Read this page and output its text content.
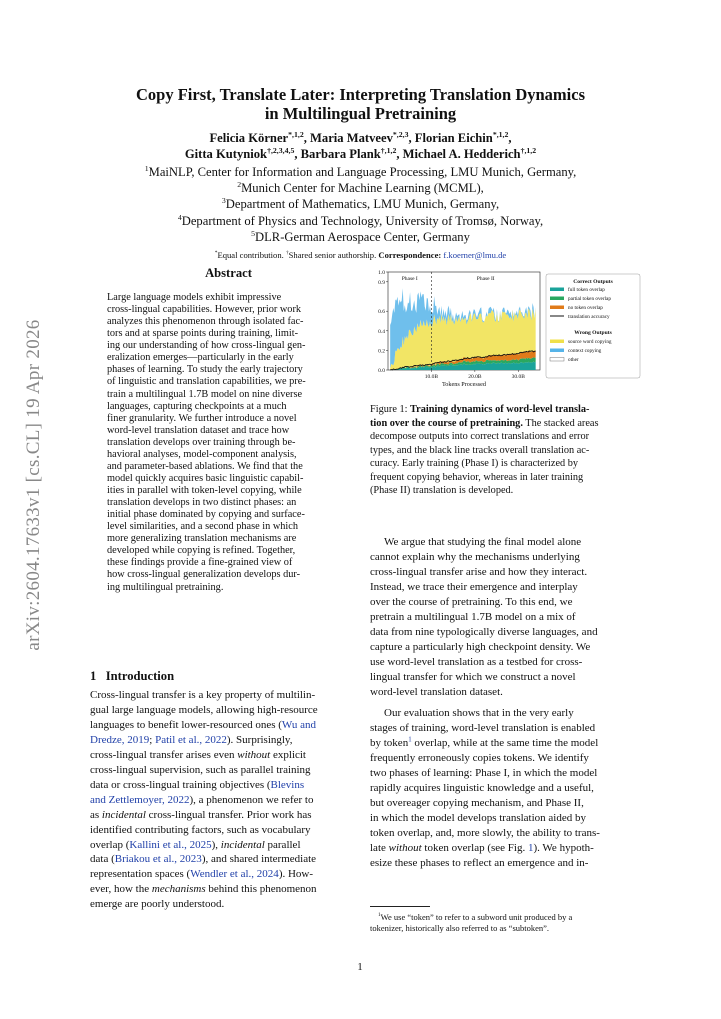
arXiv:2604.17633v1 [cs.CL] 19 Apr 2026
Copy First, Translate Later: Interpreting Translation Dynamics
in Multilingual Pretraining
Felicia Körner$^{*,1,2}$, Maria Matveev$^{*,2,3}$, Florian Eichin$^{*,1,2}$,
Gitta Kutyniok$^{\dagger,2,3,4,5}$, Barbara Plank$^{\dagger,1,2}$, Michael A. Hedderich$^{\dagger,1,2}$
$^1$MaiNLP, Center for Information and Language Processing, LMU Munich, Germany,
$^2$Munich Center for Machine Learning (MCML),
$^3$Department of Mathematics, LMU Munich, Germany,
$^4$Department of Physics and Technology, University of Tromsø, Norway,
$^5$DLR-German Aerospace Center, Germany
*Equal contribution. †Shared senior authorship. Correspondence: f.koerner@lmu.de
Abstract
Large language models exhibit impressive
cross-lingual capabilities. However, prior work
analyzes this phenomenon through isolated fac-
tors and at sparse points during training, limit-
ing our understanding of how cross-lingual gen-
eralization emerges—particularly in the early
phases of learning. To study the early trajectory
of linguistic and translation capabilities, we pre-
train a multilingual 1.7B model on nine diverse
languages, capturing checkpoints at a much
finer granularity. We further introduce a novel
word-level translation dataset and trace how
translation develops over training through be-
havioral analyses, model-component analysis,
and parameter-based ablations. We find that the
model quickly acquires basic linguistic capabil-
ities in parallel with token-level copying, while
translation develops in two distinct phases: an
initial phase dominated by copying and surface-
level similarities, and a second phase in which
more generalizing translation mechanisms are
developed while copying is refined. Together,
these findings provide a fine-grained view of
how cross-lingual generalization develops dur-
ing multilingual pretraining.
Phase I	Phase II
0.0
0.2
0.4
0.6
0.9
1.0
10.0B	20.0B	30.0B
Tokens Processed
Correct Outputs
full token overlap
partial token overlap
no token overlap
translation accuracy
Wrong Outputs
source word copying
context copying
other
Figure 1: Training dynamics of word-level transla-
tion over the course of pretraining. The stacked areas
decompose outputs into correct translations and error
types, and the black line tracks overall translation ac-
curacy. Early training (Phase I) is characterized by
frequent copying behavior, whereas in later training
(Phase II) translation is developed.
1 Introduction
Cross-lingual transfer is a key property of multilin-
gual large language models, allowing high-resource
languages to benefit lower-resourced ones (Wu and
Dredze, 2019; Patil et al., 2022). Surprisingly,
cross-lingual transfer arises even without explicit
cross-lingual supervision, such as parallel training
data or cross-lingual training objectives (Blevins
and Zettlemoyer, 2022), a phenomenon we refer to
as incidental cross-lingual transfer. Prior work has
identified contributing factors, such as vocabulary
overlap (Kallini et al., 2025), incidental parallel
data (Briakou et al., 2023), and shared intermediate
representation spaces (Wendler et al., 2024). How-
ever, how the mechanisms behind this phenomenon
emerge are poorly understood.
We argue that studying the final model alone
cannot explain why the mechanisms underlying
cross-lingual transfer arise and how they interact.
Instead, we trace their emergence and interplay
over the course of pretraining. To this end, we
pretrain a multilingual 1.7B model on a mix of
data from nine typologically diverse languages, and
capture a particularly high checkpoint density. We
use word-level translation as a testbed for cross-
lingual transfer for which we construct a novel
word-level translation dataset.
Our evaluation shows that in the very early
stages of training, word-level translation is enabled
by token$^1$ overlap, while at the same time the model
frequently erroneously copies tokens. We identify
two phases of learning: Phase I, in which the model
rapidly acquires linguistic knowledge and a useful,
but overeager copying mechanism, and Phase II,
in which the model develops translation aided by
token overlap, and, more slowly, the ability to trans-
late without token overlap (see Fig. 1). We hypoth-
esize these phases to reflect an emergence and in-
$^1$We use “token” to refer to a subword unit produced by a
tokenizer, historically also referred to as “subtoken”.
1
